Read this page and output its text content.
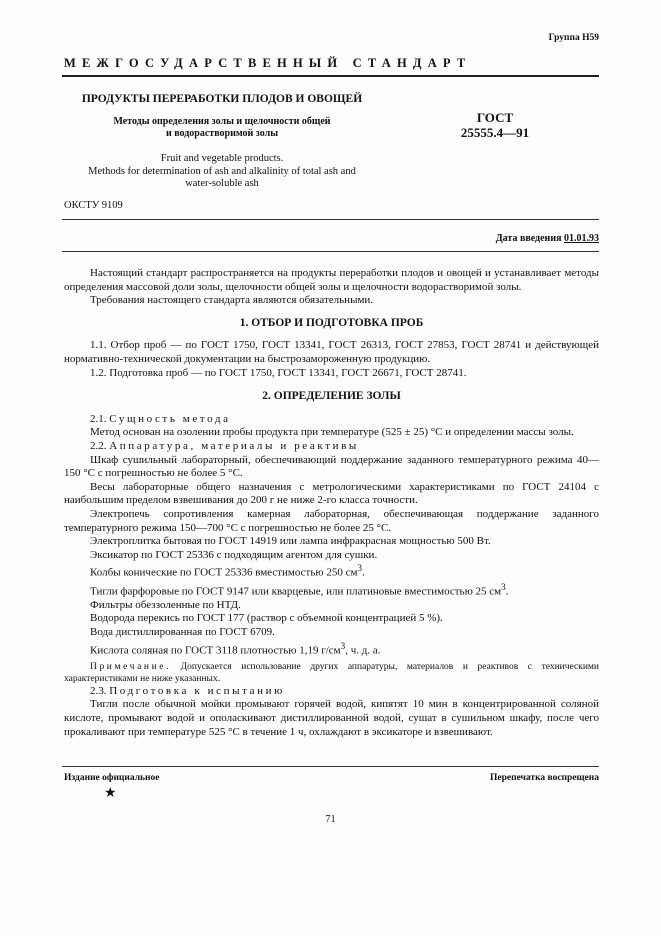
Группа Н59
МЕЖГОСУДАРСТВЕННЫЙ СТАНДАРТ
ПРОДУКТЫ ПЕРЕРАБОТКИ ПЛОДОВ И ОВОЩЕЙ
Методы определения золы и щелочности общей
и водорастворимой золы
ГОСТ
25555.4—91
Fruit and vegetable products.
Methods for determination of ash and alkalinity of total ash and
water-soluble ash
ОКСТУ 9109
Дата введения 01.01.93

Настоящий стандарт распространяется на продукты переработки плодов и овощей и устанавливает методы определения массовой доли золы, щелочности общей золы и щелочности водорастворимой золы.

Требования настоящего стандарта являются обязательными.

1. ОТБОР И ПОДГОТОВКА ПРОБ

1.1. Отбор проб — по ГОСТ 1750, ГОСТ 13341, ГОСТ 26313, ГОСТ 27853, ГОСТ 28741 и действующей нормативно-технической документации на быстрозамороженную продукцию.

1.2. Подготовка проб — по ГОСТ 1750, ГОСТ 13341, ГОСТ 26671, ГОСТ 28741.

2. ОПРЕДЕЛЕНИЕ ЗОЛЫ

2.1. Сущность метода

Метод основан на озолении пробы продукта при температуре (525 ± 25) °С и определении массы золы.

2.2. Аппаратура, материалы и реактивы

Шкаф сушильный лабораторный, обеспечивающий поддержание заданного температурного режима 40—150 °С с погрешностью не более 5 °С.

Весы лабораторные общего назначения с метрологическими характеристиками по ГОСТ 24104 с наибольшим пределом взвешивания до 200 г не ниже 2-го класса точности.

Электропечь сопротивления камерная лабораторная, обеспечивающая поддержание заданного температурного режима 150—700 °С с погрешностью не более 25 °С.

Электроплитка бытовая по ГОСТ 14919 или лампа инфракрасная мощностью 500 Вт.

Эксикатор по ГОСТ 25336 с подходящим агентом для сушки.

Колбы конические по ГОСТ 25336 вместимостью 250 $см^3$.

Тигли фарфоровые по ГОСТ 9147 или кварцевые, или платиновые вместимостью 25 $см^3$.

Фильтры обеззоленные по НТД.

Водорода перекись по ГОСТ 177 (раствор с объемной концентрацией 5 %).

Вода дистиллированная по ГОСТ 6709.

Кислота соляная по ГОСТ 3118 плотностью 1,19 $г/см^3$, ч. д. а.

Примечание. Допускается использование других аппаратуры, материалов и реактивов с техническими характеристиками не ниже указанных.

2.3. Подготовка к испытанию

Тигли после обычной мойки промывают горячей водой, кипятят 10 мин в концентрированной соляной кислоте, промывают водой и ополаскивают дистиллированной водой, сушат в сушильном шкафу, после чего прокаливают при температуре 525 °С в течение 1 ч, охлаждают в эксикаторе и взвешивают.

Издание официальное	Перепечатка воспрещена
★
71
